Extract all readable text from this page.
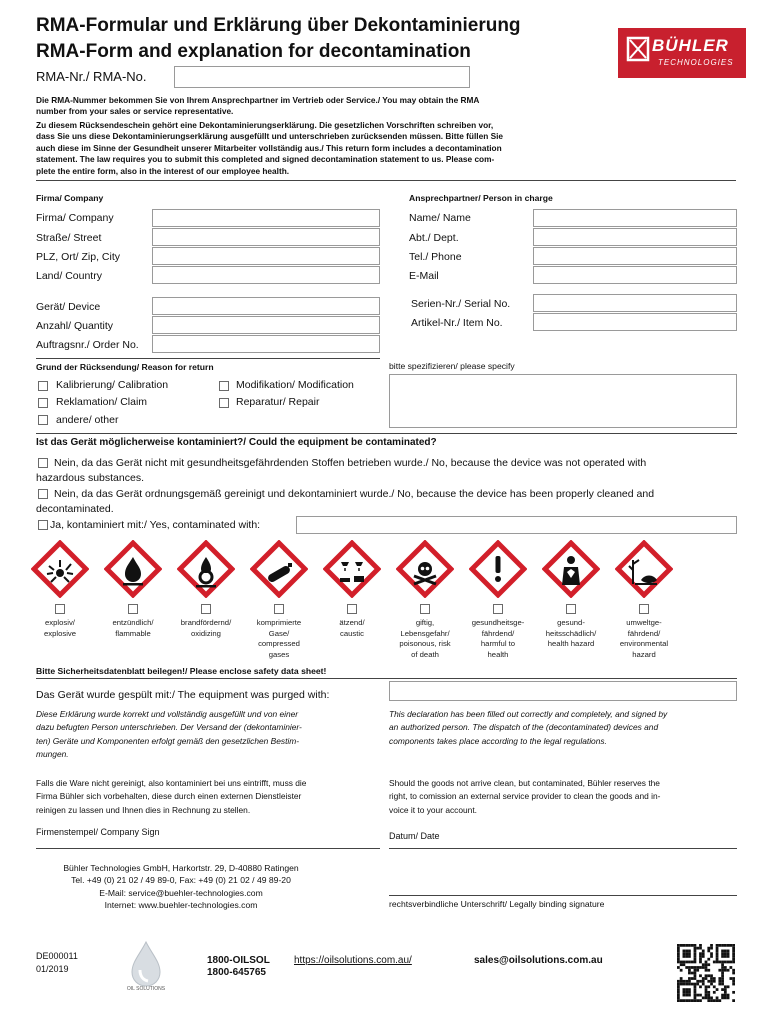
RMA-Formular und Erklärung über Dekontaminierung
RMA-Form and explanation for decontamination	BÜHLER
TECHNOLOGIES
RMA-Nr./ RMA-No.
Die RMA-Nummer bekommen Sie von Ihrem Ansprechpartner im Vertrieb oder Service./ You may obtain the RMA
number from your sales or service representative.
Zu diesem Rücksendeschein gehört eine Dekontaminierungserklärung. Die gesetzlichen Vorschriften schreiben vor,
dass Sie uns diese Dekontaminierungserklärung ausgefüllt und unterschrieben zurücksenden müssen. Bitte füllen Sie
auch diese im Sinne der Gesundheit unserer Mitarbeiter vollständig aus./ This return form includes a decontamination
statement. The law requires you to submit this completed and signed decontamination statement to us. Please com-
plete the entire form, also in the interest of our employee health.
Firma/ Company	Ansprechpartner/ Person in charge
Firma/ Company
Straße/ Street
PLZ, Ort/ Zip, City
Land/ Country
Name/ Name
Abt./ Dept.
Tel./ Phone
E-Mail
Gerät/ Device
Anzahl/ Quantity
Auftragsnr./ Order No.
Serien-Nr./ Serial No.
Artikel-Nr./ Item No.
Grund der Rücksendung/ Reason for return	bitte spezifizieren/ please specify
Kalibrierung/ Calibration	Modifikation/ Modification
Reklamation/ Claim	Reparatur/ Repair
andere/ other
Ist das Gerät möglicherweise kontaminiert?/ Could the equipment be contaminated?
Nein, da das Gerät nicht mit gesundheitsgefährdenden Stoffen betrieben wurde./ No, because the device was not operated with
hazardous substances.
Nein, da das Gerät ordnungsgemäß gereinigt und dekontaminiert wurde./ No, because the device has been properly cleaned and
decontaminated.
Ja, kontaminiert mit:/ Yes, contaminated with:
explosiv/
explosive
entzündlich/
flammable
brandfördernd/
oxidizing
komprimierte
Gase/
compressed
gases
ätzend/
caustic
giftig,
Lebensgefahr/
poisonous, risk
of death
gesundheitsge-
fährdend/
harmful to
health
gesund-
heitsschädlich/
health hazard
umweltge-
fährdend/
environmental
hazard
Bitte Sicherheitsdatenblatt beilegen!/ Please enclose safety data sheet!
Das Gerät wurde gespült mit:/ The equipment was purged with:
Diese Erklärung wurde korrekt und vollständig ausgefüllt und von einer
dazu befugten Person unterschrieben. Der Versand der (dekontaminier-
ten) Geräte und Komponenten erfolgt gemäß den gesetzlichen Bestim-
mungen.
This declaration has been filled out correctly and completely, and signed by
an authorized person. The dispatch of the (decontaminated) devices and
components takes place according to the legal regulations.
Falls die Ware nicht gereinigt, also kontaminiert bei uns eintrifft, muss die
Firma Bühler sich vorbehalten, diese durch einen externen Dienstleister
reinigen zu lassen und Ihnen dies in Rechnung zu stellen.
Should the goods not arrive clean, but contaminated, Bühler reserves the
right, to comission an external service provider to clean the goods and in-
voice it to your account.
Firmenstempel/ Company Sign	Datum/ Date
rechtsverbindliche Unterschrift/ Legally binding signature
Bühler Technologies GmbH, Harkortstr. 29, D-40880 Ratingen
Tel. +49 (0) 21 02 / 49 89-0, Fax: +49 (0) 21 02 / 49 89-20
E-Mail: service@buehler-technologies.com
Internet: www.buehler-technologies.com
DE000011
01/2019
OIL SOLUTIONS
1800-OILSOL
1800-645765
https://oilsolutions.com.au/	sales@oilsolutions.com.au
